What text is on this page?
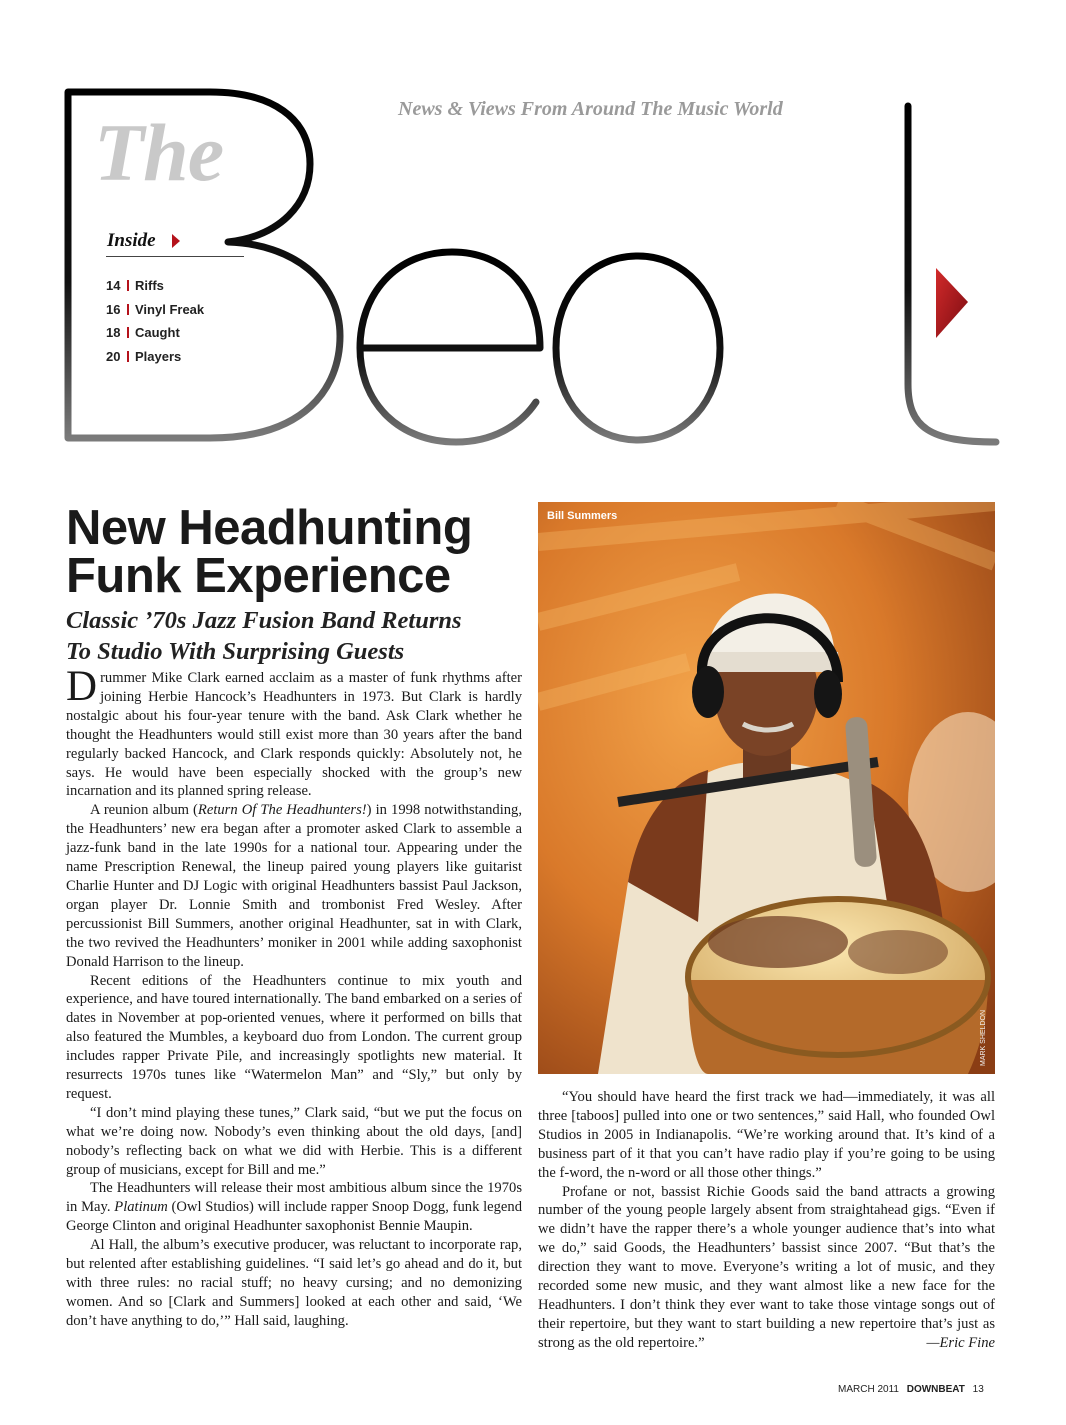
News & Views From Around The Music World
The
Inside
14 Riffs
16 Vinyl Freak
18 Caught
20 Players
New Headhunting
Funk Experience
Classic ’70s Jazz Fusion Band Returns
To Studio With Surprising Guests

Drummer Mike Clark earned acclaim as a master of funk rhythms after joining Herbie Hancock’s Headhunters in 1973. But Clark is hardly nostalgic about his four-year tenure with the band. Ask Clark whether he thought the Headhunters would still exist more than 30 years after the band regularly backed Hancock, and Clark responds quickly: Absolutely not, he says. He would have been especially shocked with the group’s new incarnation and its planned spring release.

A reunion album (Return Of The Headhunters!) in 1998 notwithstanding, the Headhunters’ new era began after a promoter asked Clark to assemble a jazz-funk band in the late 1990s for a national tour. Appearing under the name Prescription Renewal, the lineup paired young players like guitarist Charlie Hunter and DJ Logic with original Headhunters bassist Paul Jackson, organ player Dr. Lonnie Smith and trombonist Fred Wesley. After percussionist Bill Summers, another original Headhunter, sat in with Clark, the two revived the Headhunters’ moniker in 2001 while adding saxophonist Donald Harrison to the lineup.

Recent editions of the Headhunters continue to mix youth and experience, and have toured internationally. The band embarked on a series of dates in November at pop-oriented venues, where it performed on bills that also featured the Mumbles, a keyboard duo from London. The current group includes rapper Private Pile, and increasingly spotlights new material. It resurrects 1970s tunes like “Watermelon Man” and “Sly,” but only by request.

“I don’t mind playing these tunes,” Clark said, “but we put the focus on what we’re doing now. Nobody’s even thinking about the old days, [and] nobody’s reflecting back on what we did with Herbie. This is a different group of musicians, except for Bill and me.”

The Headhunters will release their most ambitious album since the 1970s in May. Platinum (Owl Studios) will include rapper Snoop Dogg, funk legend George Clinton and original Headhunter saxophonist Bennie Maupin.

Al Hall, the album’s executive producer, was reluctant to incorporate rap, but relented after establishing guidelines. “I said let’s go ahead and do it, but with three rules: no racial stuff; no heavy cursing; and no demonizing women. And so [Clark and Summers] looked at each other and said, ‘We don’t have anything to do,’” Hall said, laughing.

Bill Summers
MARK SHELDON

“You should have heard the first track we had—immediately, it was all three [taboos] pulled into one or two sentences,” said Hall, who founded Owl Studios in 2005 in Indianapolis. “We’re working around that. It’s kind of a business part of it that you can’t have radio play if you’re going to be using the f-word, the n-word or all those other things.”

Profane or not, bassist Richie Goods said the band attracts a growing number of the young people largely absent from straightahead gigs. “Even if we didn’t have the rapper there’s a whole younger audience that’s into what we do,” said Goods, the Headhunters’ bassist since 2007. “But that’s the direction they want to move. Everyone’s writing a lot of music, and they recorded some new music, and they want almost like a new face for the Headhunters. I don’t think they ever want to take those vintage songs out of their repertoire, but they want to start building a new repertoire that’s just as strong as the old repertoire.”	—Eric Fine
MARCH 2011 DOWNBEAT 13
